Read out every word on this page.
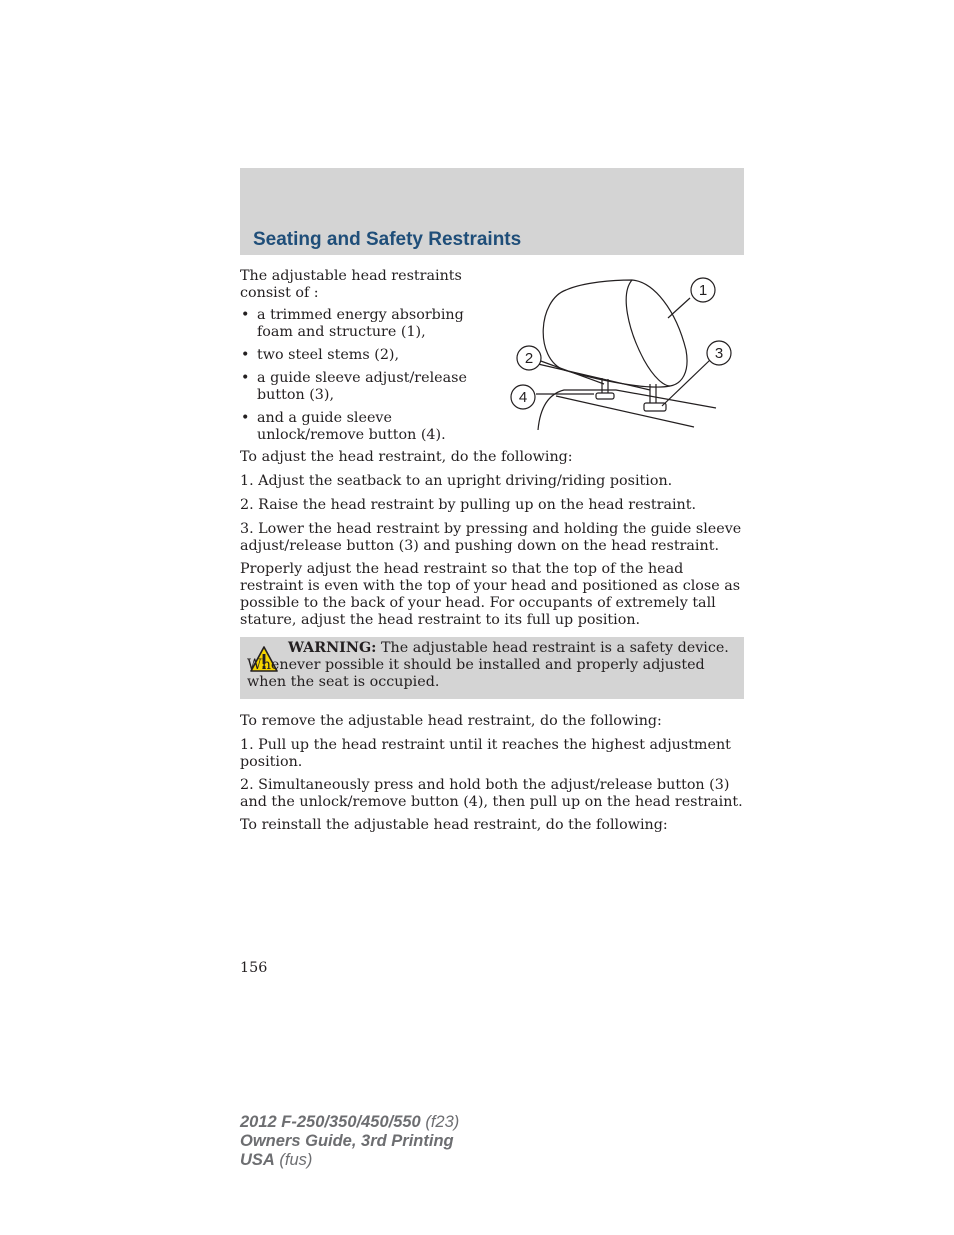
Seating and Safety Restraints

The adjustable head restraints consist of :

• a trimmed energy absorbing foam and structure (1),
• two steel stems (2),
• a guide sleeve adjust/release button (3),
• and a guide sleeve unlock/remove button (4).
1
2	3
4

To adjust the head restraint, do the following:

1. Adjust the seatback to an upright driving/riding position.

2. Raise the head restraint by pulling up on the head restraint.

3. Lower the head restraint by pressing and holding the guide sleeve adjust/release button (3) and pushing down on the head restraint.

Properly adjust the head restraint so that the top of the head restraint is even with the top of your head and positioned as close as possible to the back of your head. For occupants of extremely tall stature, adjust the head restraint to its full up position.

WARNING: The adjustable head restraint is a safety device. Whenever possible it should be installed and properly adjusted when the seat is occupied.

To remove the adjustable head restraint, do the following:

1. Pull up the head restraint until it reaches the highest adjustment position.

2. Simultaneously press and hold both the adjust/release button (3) and the unlock/remove button (4), then pull up on the head restraint.

To reinstall the adjustable head restraint, do the following:

156

2012 F-250/350/450/550 (f23)
Owners Guide, 3rd Printing
USA (fus)
